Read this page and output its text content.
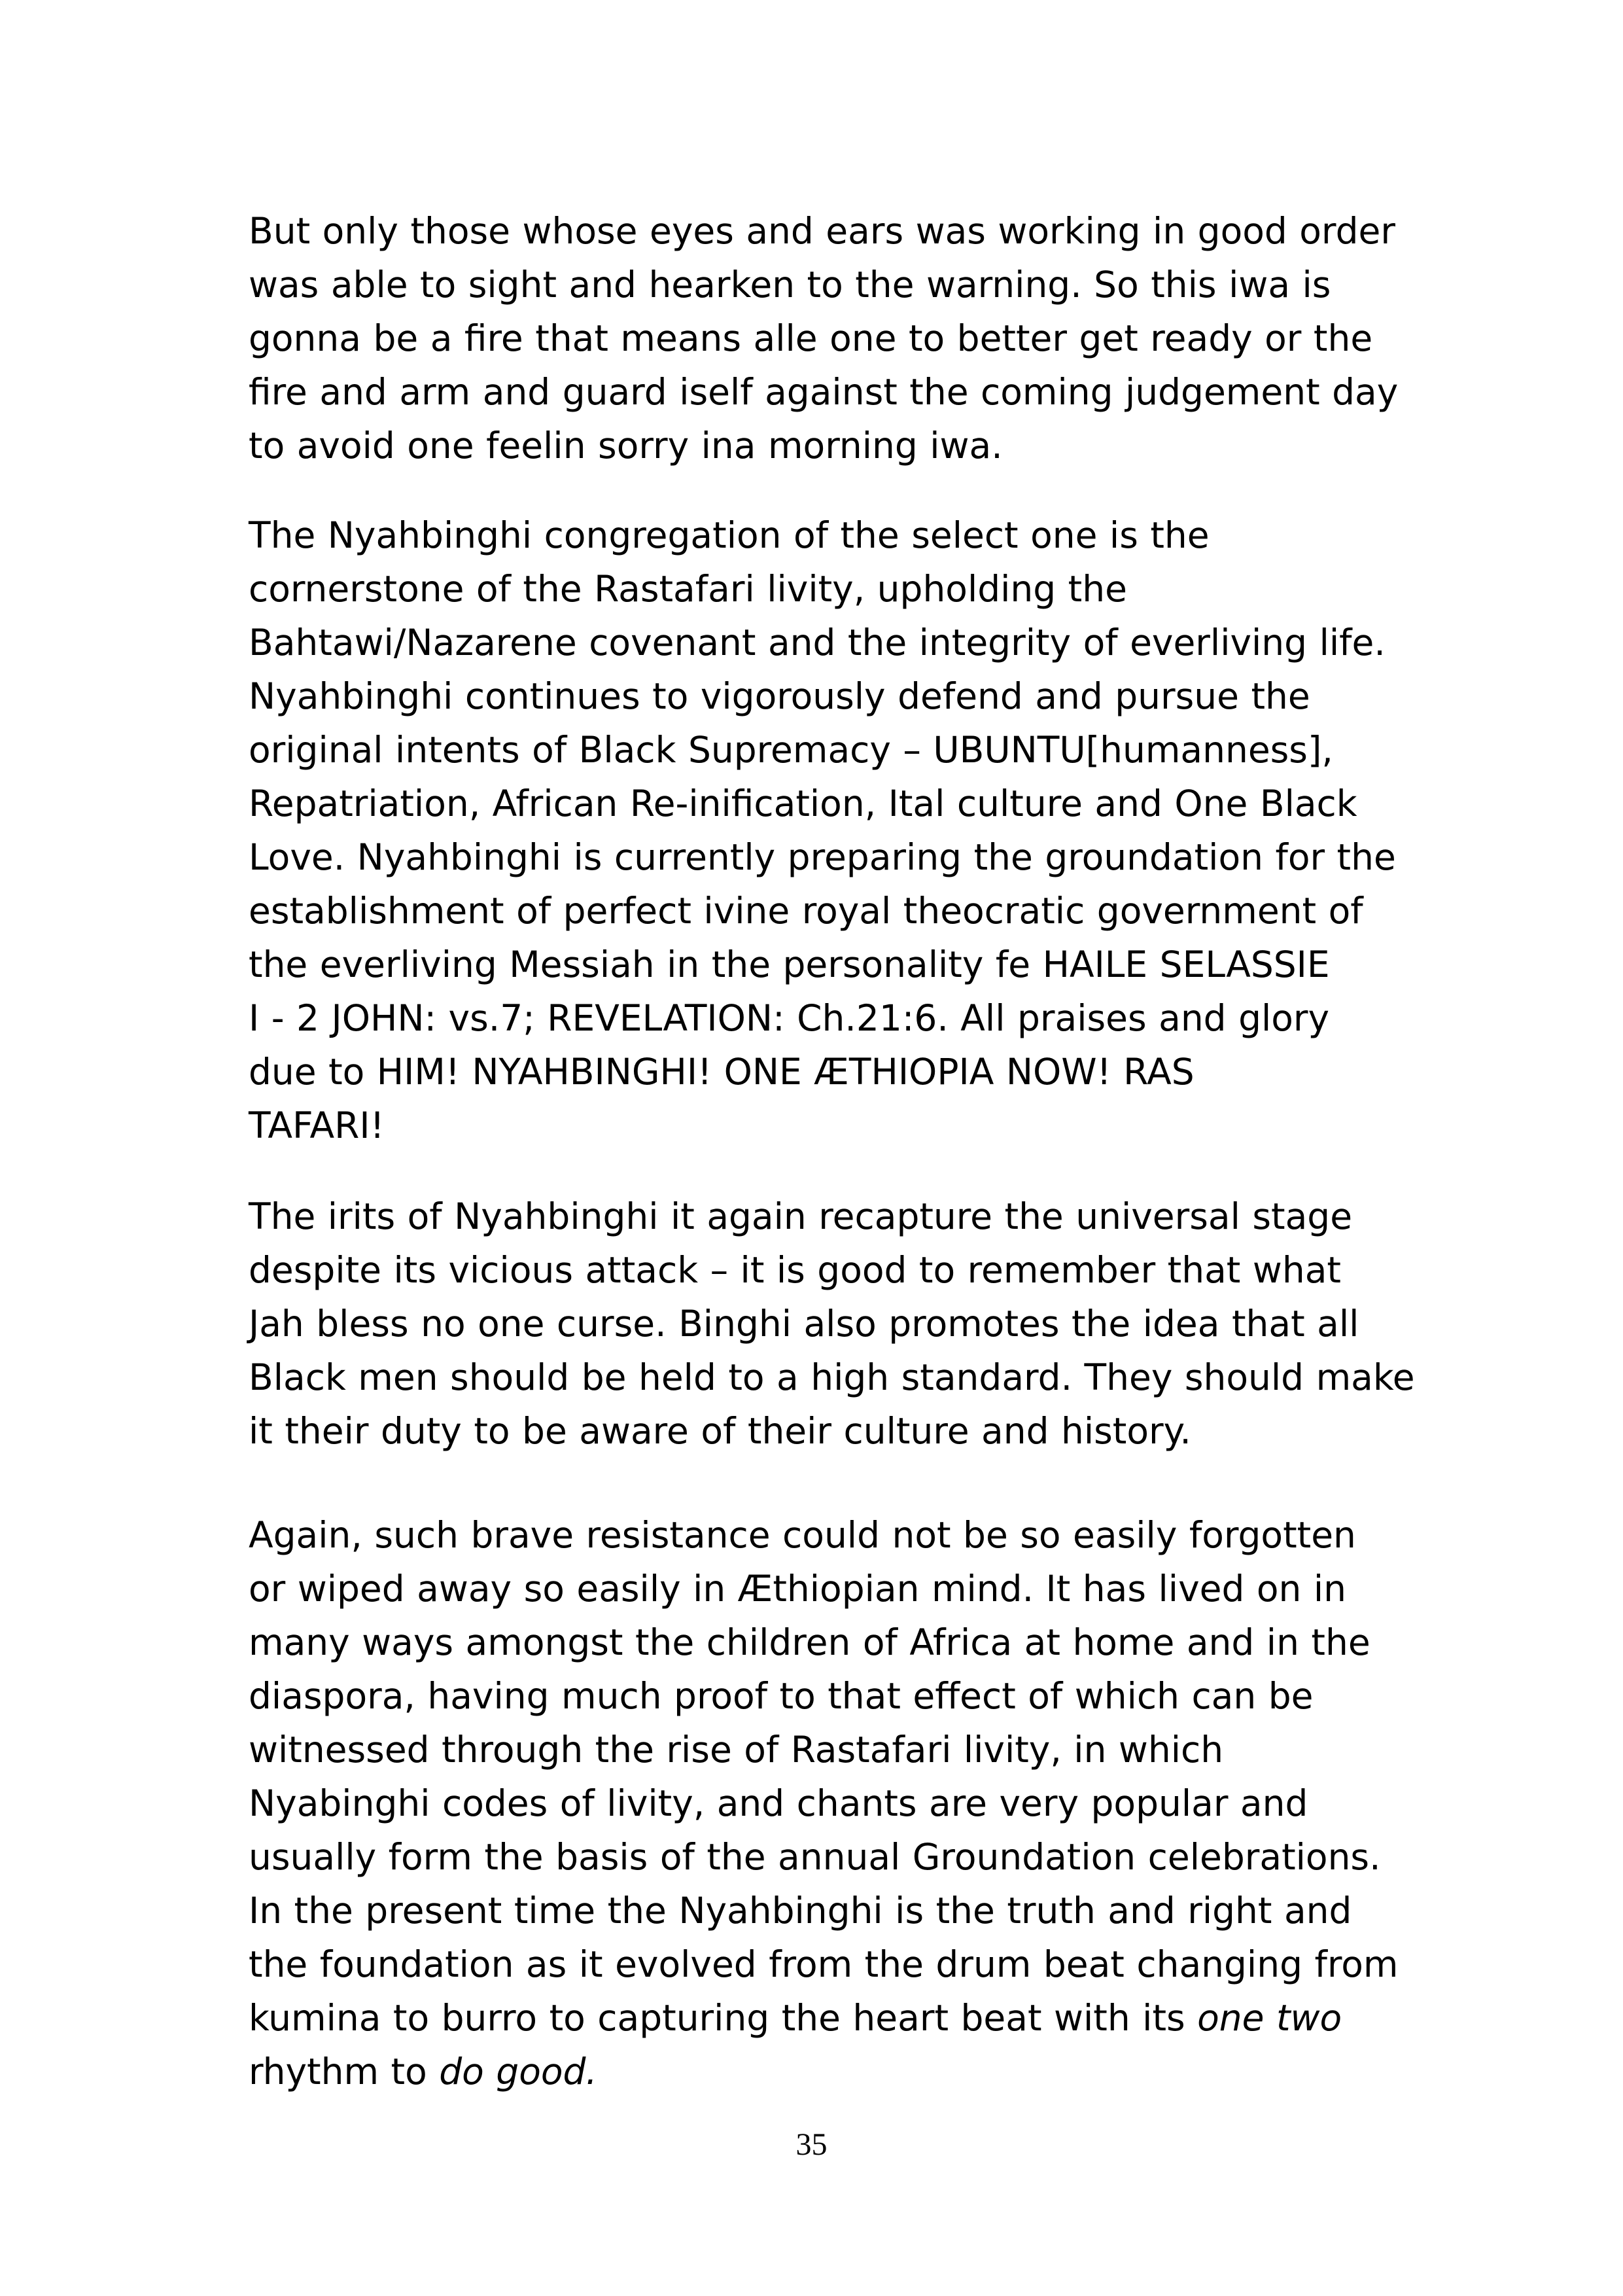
But only those whose eyes and ears was working in good order
was able to sight and hearken to the warning. So this iwa is
gonna be a fire that means alle one to better get ready or the
fire and arm and guard iself against the coming judgement day
to avoid one feelin sorry ina morning iwa.
The Nyahbinghi congregation of the select one is the
cornerstone of the Rastafari livity, upholding the
Bahtawi/Nazarene covenant and the integrity of everliving life.
Nyahbinghi continues to vigorously defend and pursue the
original intents of Black Supremacy – UBUNTU[humanness],
Repatriation, African Re-inification, Ital culture and One Black
Love. Nyahbinghi is currently preparing the groundation for the
establishment of perfect ivine royal theocratic government of
the everliving Messiah in the personality fe HAILE SELASSIE
I - 2 JOHN: vs.7; REVELATION: Ch.21:6. All praises and glory
due to HIM! NYAHBINGHI! ONE ÆTHIOPIA NOW! RAS
TAFARI!
The irits of Nyahbinghi it again recapture the universal stage
despite its vicious attack – it is good to remember that what
Jah bless no one curse. Binghi also promotes the idea that all
Black men should be held to a high standard. They should make
it their duty to be aware of their culture and history.
Again, such brave resistance could not be so easily forgotten
or wiped away so easily in Æthiopian mind. It has lived on in
many ways amongst the children of Africa at home and in the
diaspora, having much proof to that effect of which can be
witnessed through the rise of Rastafari livity, in which
Nyabinghi codes of livity, and chants are very popular and
usually form the basis of the annual Groundation celebrations.
In the present time the Nyahbinghi is the truth and right and
the foundation as it evolved from the drum beat changing from
kumina to burro to capturing the heart beat with its one two
rhythm to do good.
35
